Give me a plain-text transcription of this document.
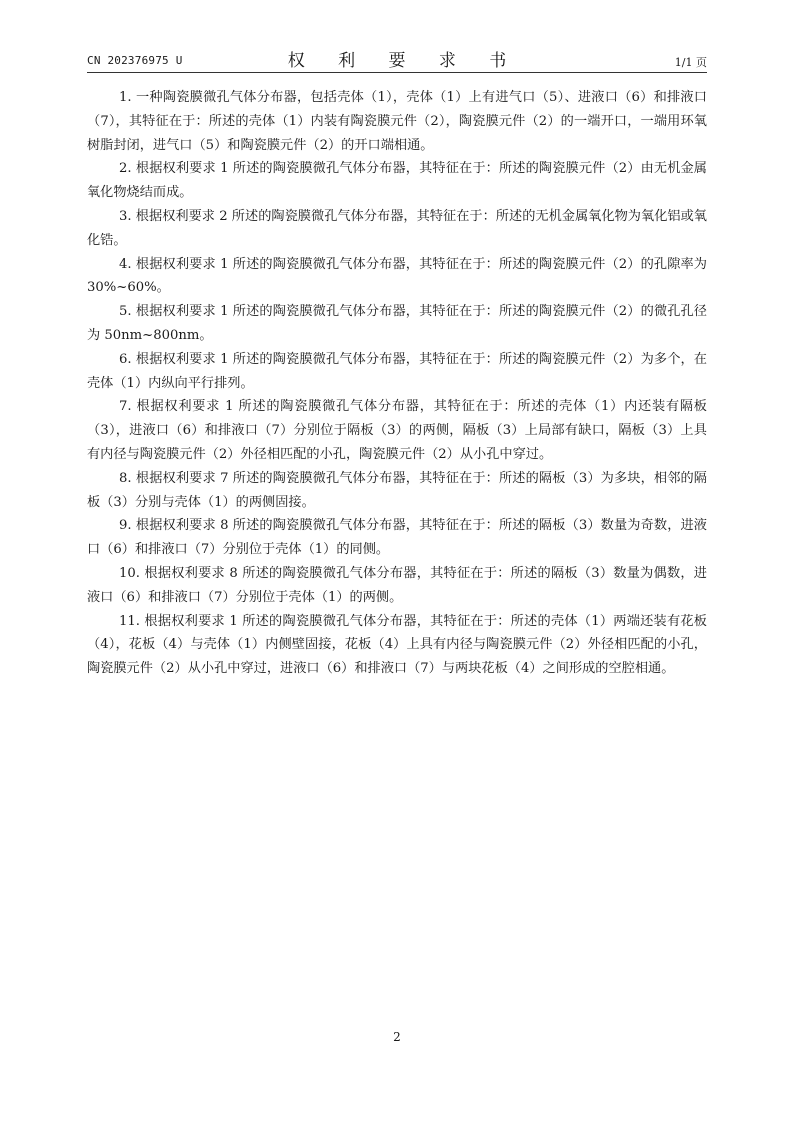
CN 202376975 U	权 利 要 求 书	1/1 页

1. 一种陶瓷膜微孔气体分布器，包括壳体（1），壳体（1）上有进气口（5）、进液口（6）和排液口（7），其特征在于：所述的壳体（1）内装有陶瓷膜元件（2），陶瓷膜元件（2）的一端开口，一端用环氧树脂封闭，进气口（5）和陶瓷膜元件（2）的开口端相通。

2. 根据权利要求 1 所述的陶瓷膜微孔气体分布器，其特征在于：所述的陶瓷膜元件（2）由无机金属氧化物烧结而成。

3. 根据权利要求 2 所述的陶瓷膜微孔气体分布器，其特征在于：所述的无机金属氧化物为氧化铝或氧化锆。

4. 根据权利要求 1 所述的陶瓷膜微孔气体分布器，其特征在于：所述的陶瓷膜元件（2）的孔隙率为 30%~60%。

5. 根据权利要求 1 所述的陶瓷膜微孔气体分布器，其特征在于：所述的陶瓷膜元件（2）的微孔孔径为 50nm~800nm。

6. 根据权利要求 1 所述的陶瓷膜微孔气体分布器，其特征在于：所述的陶瓷膜元件（2）为多个，在壳体（1）内纵向平行排列。

7. 根据权利要求 1 所述的陶瓷膜微孔气体分布器，其特征在于：所述的壳体（1）内还装有隔板（3），进液口（6）和排液口（7）分别位于隔板（3）的两侧，隔板（3）上局部有缺口，隔板（3）上具有内径与陶瓷膜元件（2）外径相匹配的小孔，陶瓷膜元件（2）从小孔中穿过。

8. 根据权利要求 7 所述的陶瓷膜微孔气体分布器，其特征在于：所述的隔板（3）为多块，相邻的隔板（3）分别与壳体（1）的两侧固接。

9. 根据权利要求 8 所述的陶瓷膜微孔气体分布器，其特征在于：所述的隔板（3）数量为奇数，进液口（6）和排液口（7）分别位于壳体（1）的同侧。

10. 根据权利要求 8 所述的陶瓷膜微孔气体分布器，其特征在于：所述的隔板（3）数量为偶数，进液口（6）和排液口（7）分别位于壳体（1）的两侧。

11. 根据权利要求 1 所述的陶瓷膜微孔气体分布器，其特征在于：所述的壳体（1）两端还装有花板（4），花板（4）与壳体（1）内侧壁固接，花板（4）上具有内径与陶瓷膜元件（2）外径相匹配的小孔，陶瓷膜元件（2）从小孔中穿过，进液口（6）和排液口（7）与两块花板（4）之间形成的空腔相通。

2
